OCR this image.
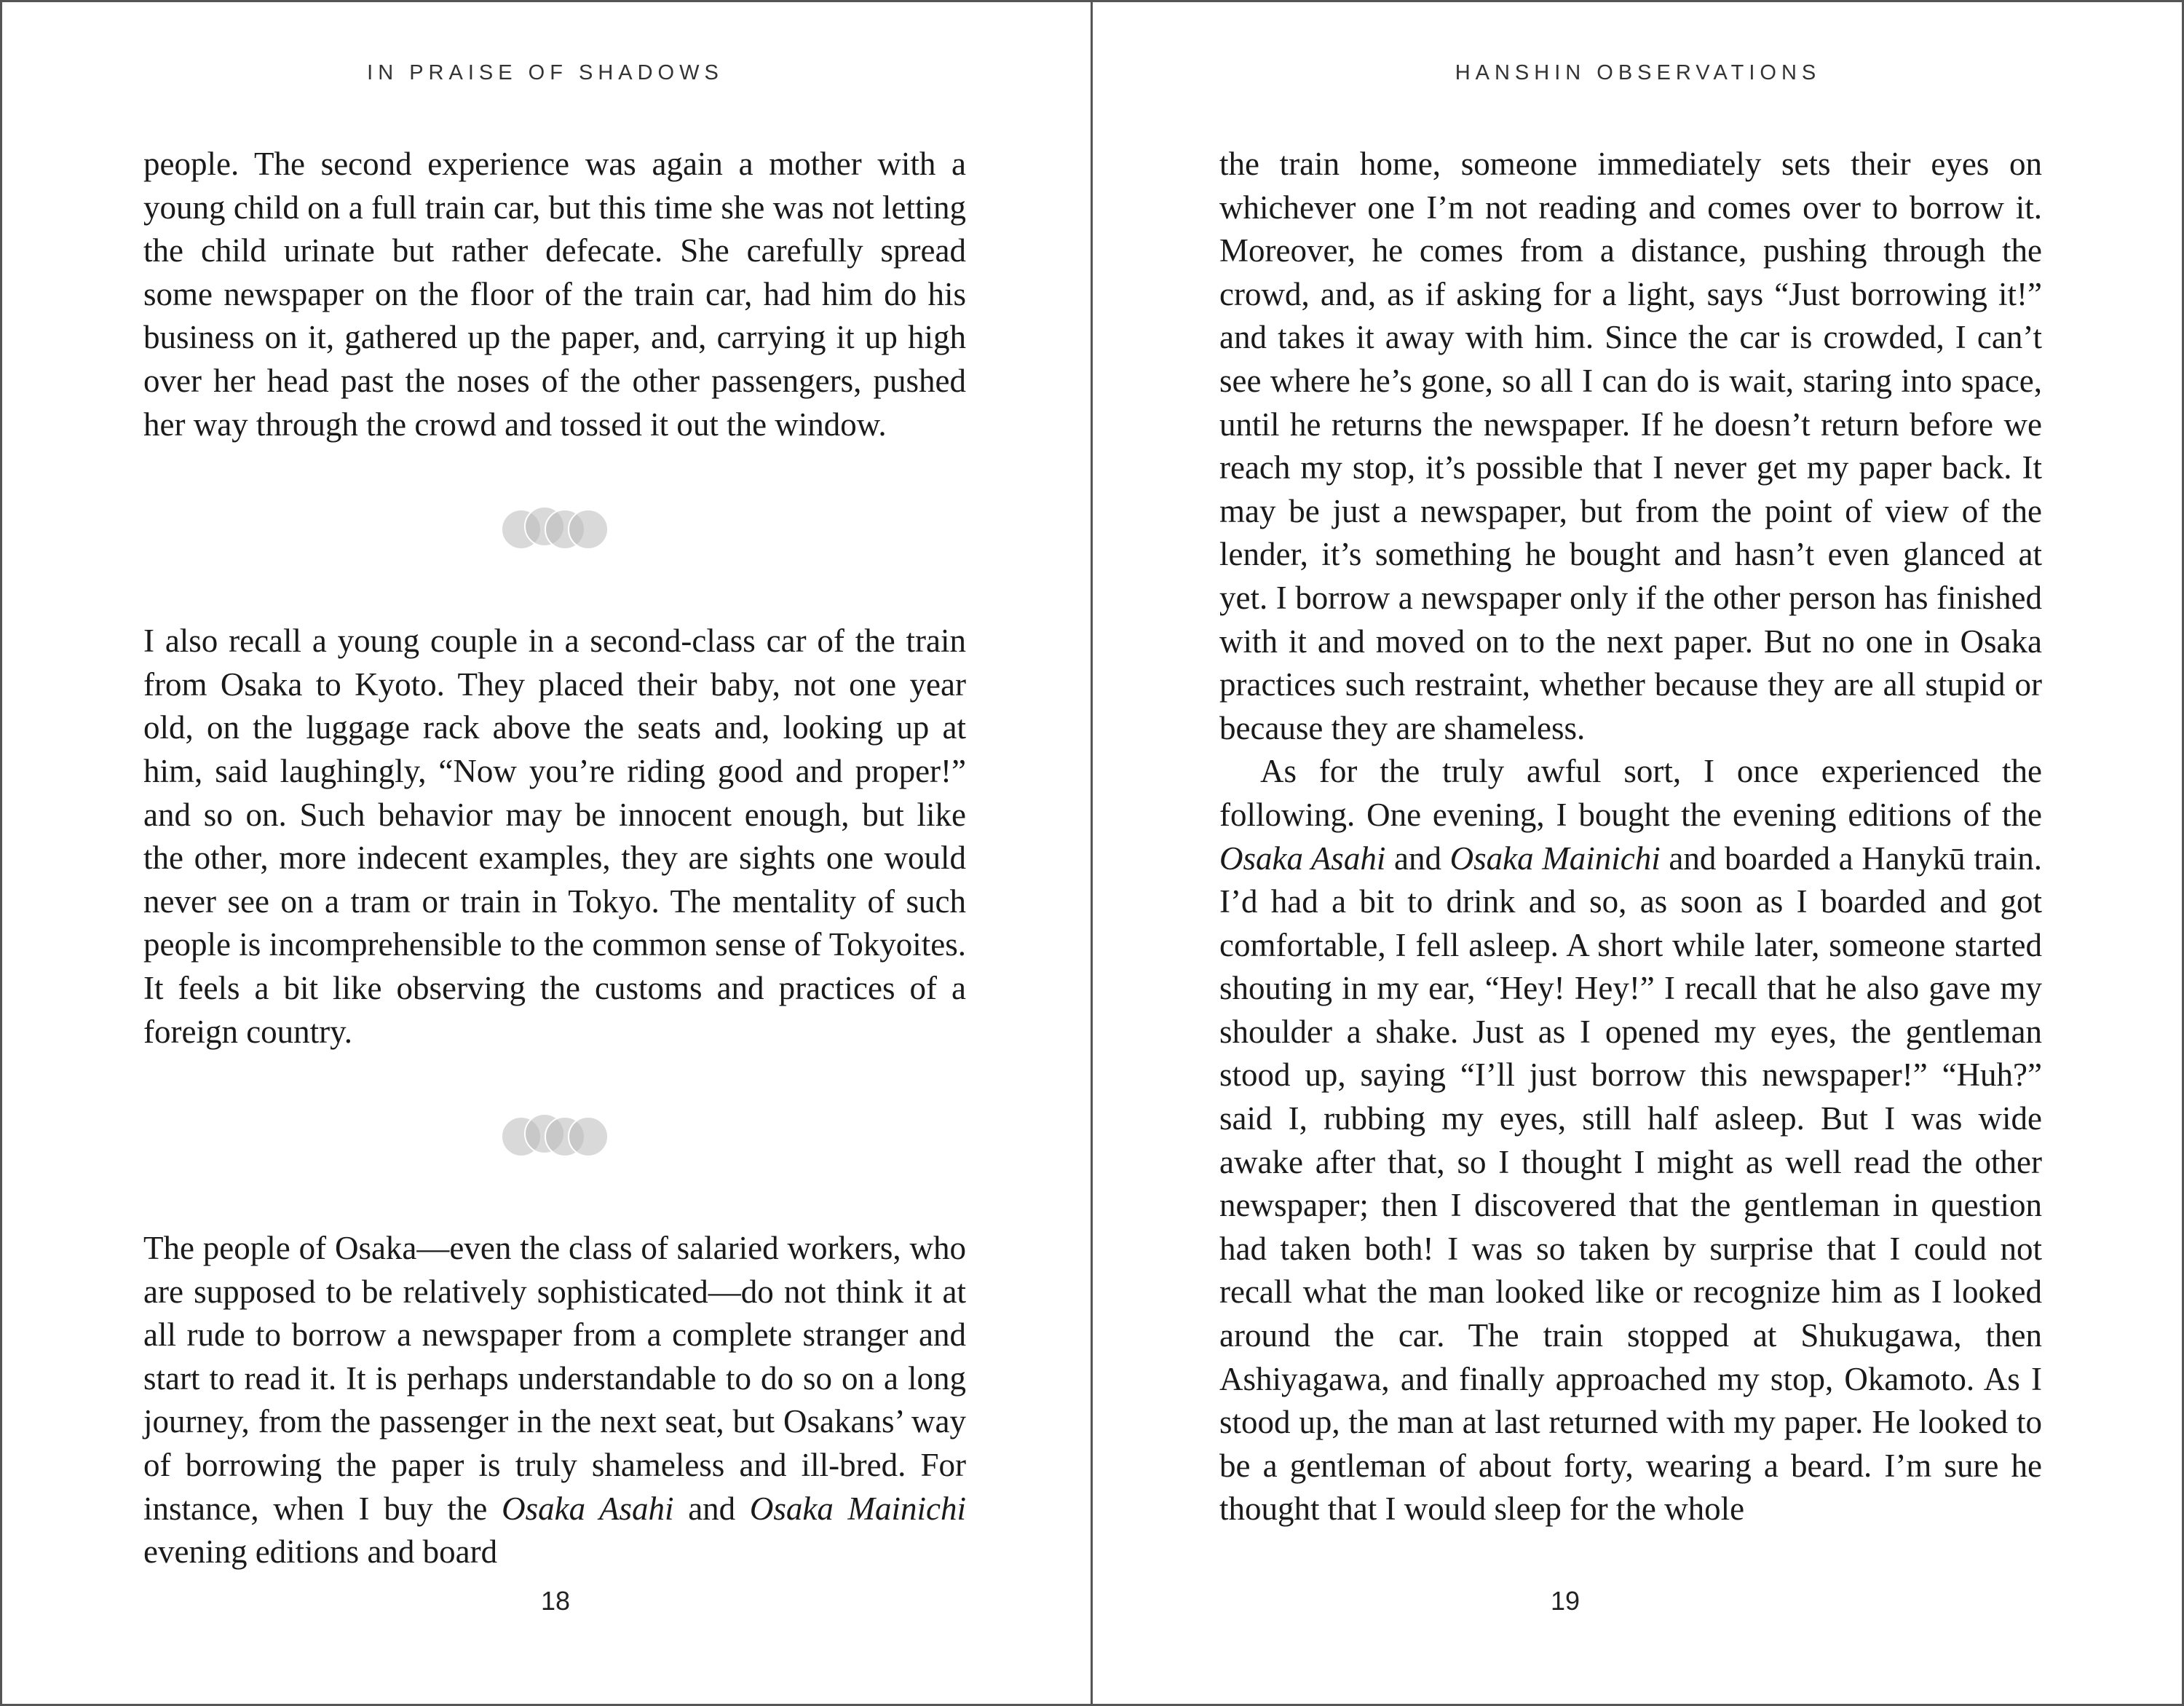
IN PRAISE OF SHADOWS

people. The second experience was again a mother with a young child on a full train car, but this time she was not letting the child urinate but rather defecate. She carefully spread some newspaper on the floor of the train car, had him do his business on it, gathered up the paper, and, carrying it up high over her head past the noses of the other passengers, pushed her way through the crowd and tossed it out the window.

I also recall a young couple in a second-class car of the train from Osaka to Kyoto. They placed their baby, not one year old, on the luggage rack above the seats and, looking up at him, said laughingly, “Now you’re riding good and proper!” and so on. Such behavior may be innocent enough, but like the other, more indecent examples, they are sights one would never see on a tram or train in Tokyo. The mentality of such people is incomprehensible to the common sense of Tokyoites. It feels a bit like observing the customs and practices of a foreign country.

The people of Osaka—even the class of salaried workers, who are supposed to be relatively sophisticated—do not think it at all rude to borrow a newspaper from a complete stranger and start to read it. It is perhaps understandable to do so on a long journey, from the passenger in the next seat, but Osakans’ way of borrowing the paper is truly shameless and ill-bred. For instance, when I buy the Osaka Asahi and Osaka Mainichi evening editions and board

18
HANSHIN OBSERVATIONS

the train home, someone immediately sets their eyes on whichever one I’m not reading and comes over to borrow it. Moreover, he comes from a distance, pushing through the crowd, and, as if asking for a light, says “Just borrowing it!” and takes it away with him. Since the car is crowded, I can’t see where he’s gone, so all I can do is wait, staring into space, until he returns the newspaper. If he doesn’t return before we reach my stop, it’s possible that I never get my paper back. It may be just a newspaper, but from the point of view of the lender, it’s something he bought and hasn’t even glanced at yet. I borrow a newspaper only if the other person has finished with it and moved on to the next paper. But no one in Osaka practices such restraint, whether because they are all stupid or because they are shameless.

As for the truly awful sort, I once experienced the following. One evening, I bought the evening editions of the Osaka Asahi and Osaka Mainichi and boarded a Hanykū train. I’d had a bit to drink and so, as soon as I boarded and got comfortable, I fell asleep. A short while later, someone started shouting in my ear, “Hey! Hey!” I recall that he also gave my shoulder a shake. Just as I opened my eyes, the gentleman stood up, saying “I’ll just borrow this newspaper!” “Huh?” said I, rubbing my eyes, still half asleep. But I was wide awake after that, so I thought I might as well read the other newspaper; then I discovered that the gentleman in question had taken both! I was so taken by surprise that I could not recall what the man looked like or recognize him as I looked around the car. The train stopped at Shukugawa, then Ashiyagawa, and finally approached my stop, Okamoto. As I stood up, the man at last returned with my paper. He looked to be a gentleman of about forty, wearing a beard. I’m sure he thought that I would sleep for the whole

19
